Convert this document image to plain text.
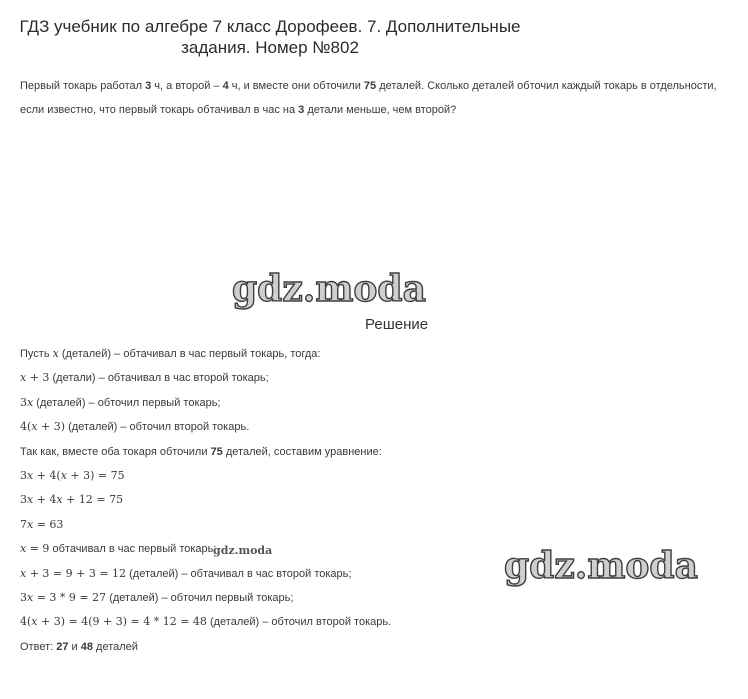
ГДЗ учебник по алгебре 7 класс Дорофеев. 7. Дополнительные
задания. Номер №802
Первый токарь работал 3 ч, а второй – 4 ч, и вместе они обточили 75 деталей. Сколько деталей обточил каждый токарь в отдельности, если известно, что первый токарь обтачивал в час на 3 детали меньше, чем второй?
gdz.moda
Решение
Пусть x (деталей) – обтачивал в час первый токарь, тогда:
x + 3 (детали) – обтачивал в час второй токарь;
3x (деталей) – обточил первый токарь;
4(x + 3) (деталей) – обточил второй токарь.
Так как, вместе оба токаря обточили 75 деталей, составим уравнение:
3x + 4(x + 3) = 75
3x + 4x + 12 = 75
7x = 63
x = 9 обтачивал в час первый токарь;
x + 3 = 9 + 3 = 12 (деталей) – обтачивал в час второй токарь;
3x = 3 * 9 = 27 (деталей) – обточил первый токарь;
4(x + 3) = 4(9 + 3) = 4 * 12 = 48 (деталей) – обточил второй токарь.
Ответ: 27 и 48 деталей
gdz.moda	gdz.moda
